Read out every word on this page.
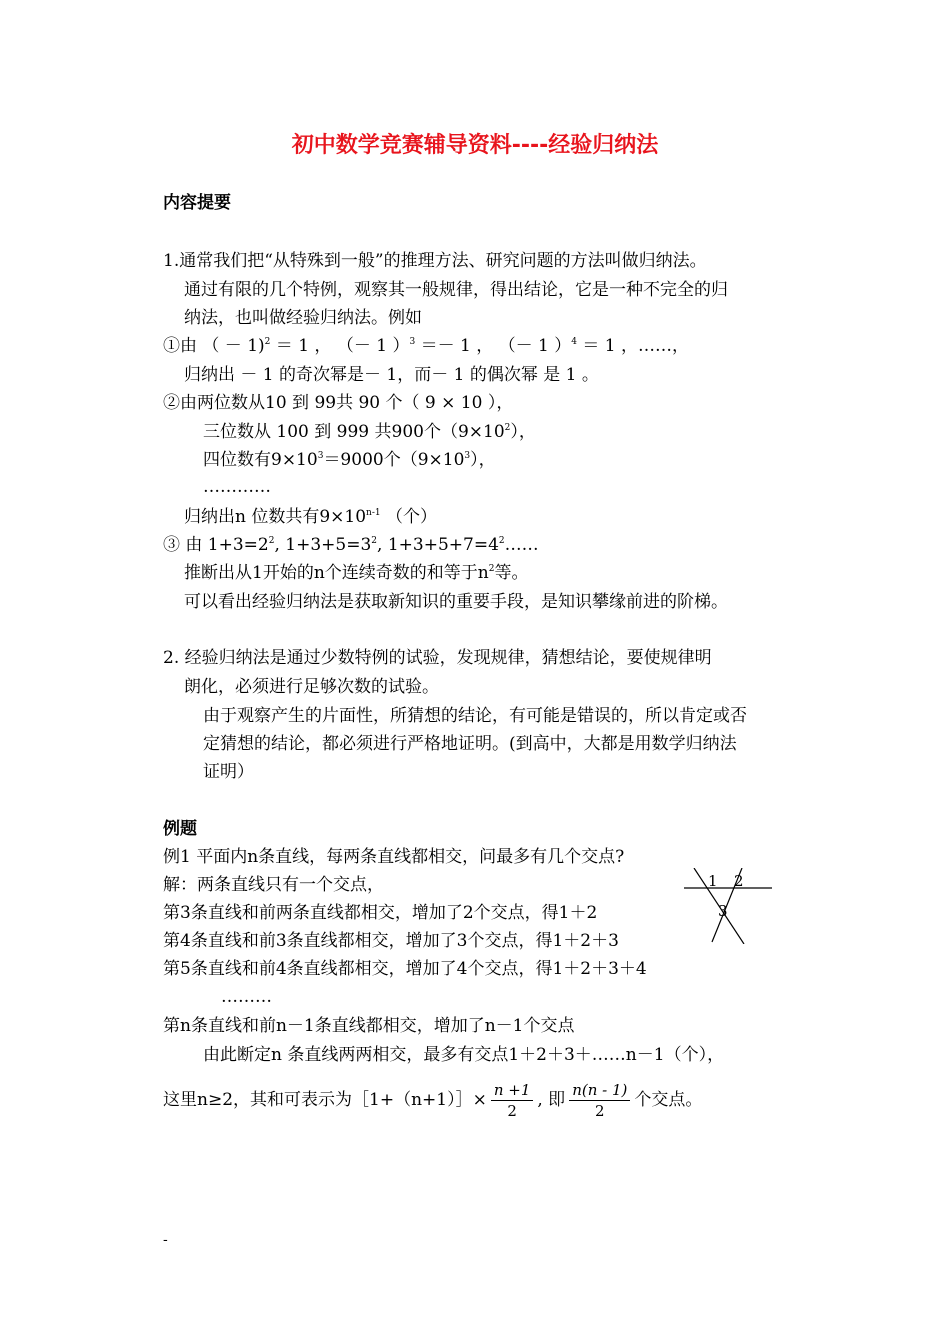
初中数学竞赛辅导资料----经验归纳法
内容提要
1.通常我们把“从特殊到一般”的推理方法、研究问题的方法叫做归纳法。
通过有限的几个特例，观察其一般规律，得出结论，它是一种不完全的归
纳法，也叫做经验归纳法。例如
①由 （ － 1)$^2$ ＝ 1 ， （－ 1 ）$^3$ ＝－ 1 ， （－ 1 ）$^4$ ＝ 1 ，……，
归纳出 － 1 的奇次幂是－ 1，而－ 1 的偶次幂 是 1 。
②由两位数从10 到 99共 90 个（ 9 × 10 ），
三位数从 100 到 999 共900个$(9\times 10^2)$，
四位数有$9\times 10^3=9000$个$(9\times 10^3)$，
…………
归纳出n 位数共有$9\times 10^{n-1}$ （个）
③ 由 $1+3=2^2$, $1+3+5=3^2$, $1+3+5+7=4^2\dots\dots$
推断出从1开始的n个连续奇数的和等于$n^2$等。
可以看出经验归纳法是获取新知识的重要手段，是知识攀缘前进的阶梯。
2. 经验归纳法是通过少数特例的试验，发现规律，猜想结论，要使规律明
朗化，必须进行足够次数的试验。
由于观察产生的片面性，所猜想的结论，有可能是错误的，所以肯定或否
定猜想的结论，都必须进行严格地证明。(到高中，大都是用数学归纳法
证明）
例题
例1 平面内n条直线，每两条直线都相交，问最多有几个交点?
解：两条直线只有一个交点，
第3条直线和前两条直线都相交，增加了2个交点，得1＋2
第4条直线和前3条直线都相交，增加了3个交点，得1＋2＋3
第5条直线和前4条直线都相交，增加了4个交点，得1＋2＋3＋4
………
第n条直线和前n－1条直线都相交，增加了n－1个交点
由此断定n 条直线两两相交，最多有交点1＋2＋3＋……n－1（个），
这里n≥2，其和可表示为［1+（n+1）］× $\frac{n +1}{2}$ , 即 $\frac{n(n - 1)}{2}$ 个交点。
1 2
3
-
